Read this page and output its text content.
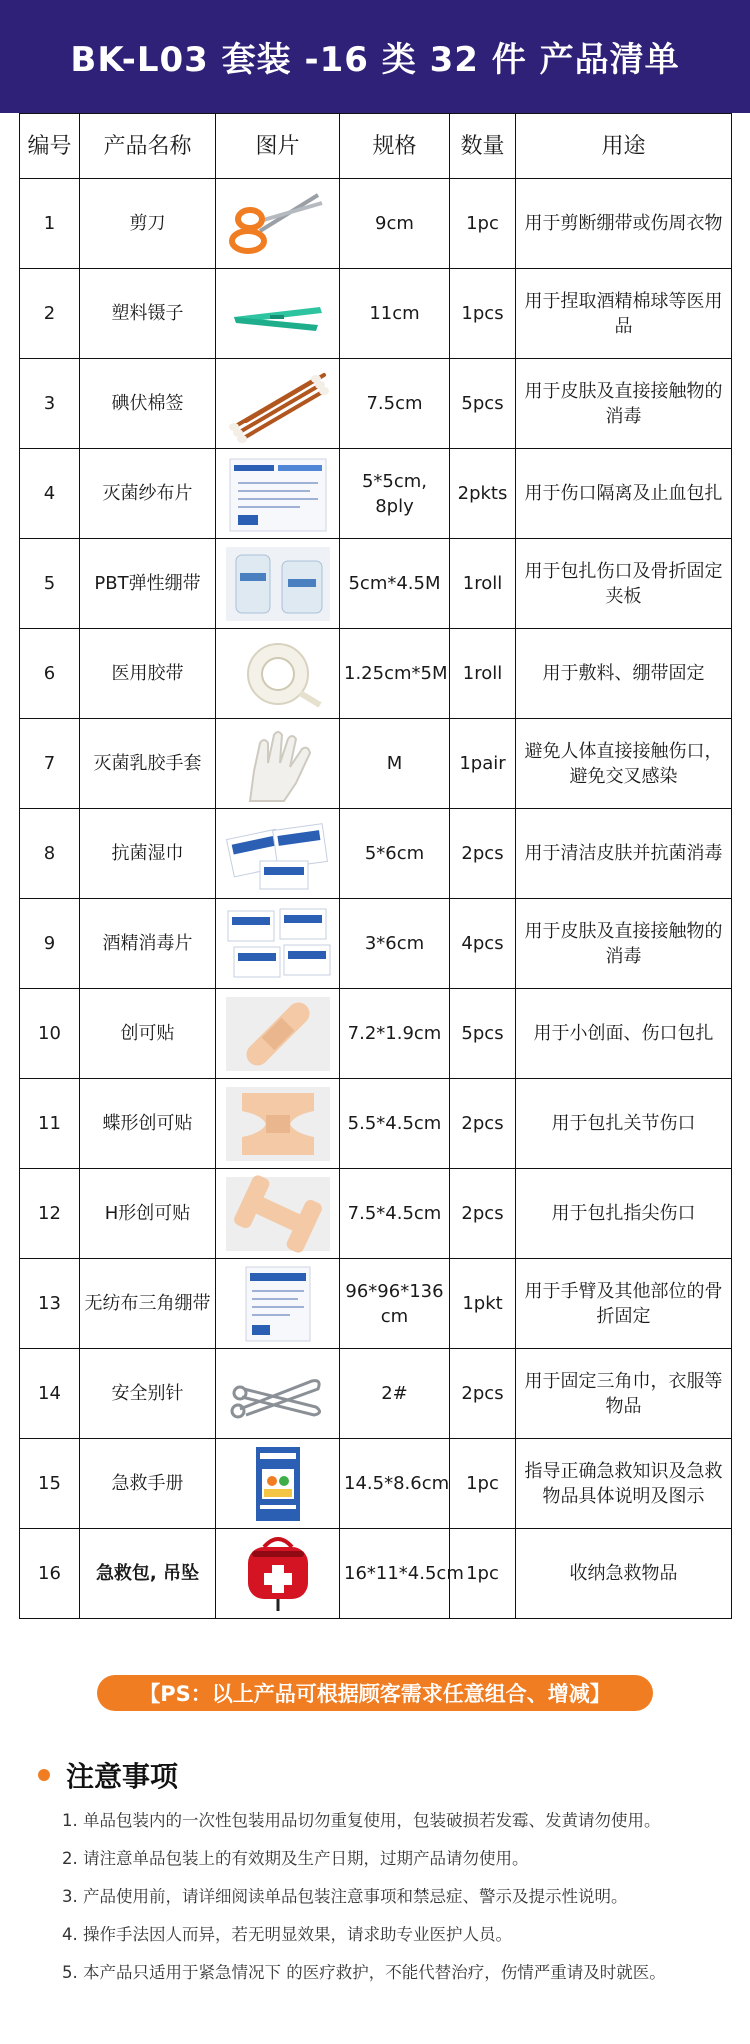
BK-L03 套装 -16 类 32 件 产品清单
编号	产品名称	图片	规格	数量	用途
1	剪刀		9cm	1pc	用于剪断绷带或伤周衣物
2	塑料镊子		11cm	1pcs	用于捏取酒精棉球等医用品
3	碘伏棉签		7.5cm	5pcs	用于皮肤及直接接触物的消毒
4	灭菌纱布片		5*5cm, 8ply	2pkts	用于伤口隔离及止血包扎
5	PBT弹性绷带		5cm*4.5M	1roll	用于包扎伤口及骨折固定夹板
6	医用胶带		1.25cm*5M	1roll	用于敷料、绷带固定
7	灭菌乳胶手套		M	1pair	避免人体直接接触伤口，避免交叉感染
8	抗菌湿巾		5*6cm	2pcs	用于清洁皮肤并抗菌消毒
9	酒精消毒片		3*6cm	4pcs	用于皮肤及直接接触物的消毒
10	创可贴		7.2*1.9cm	5pcs	用于小创面、伤口包扎
11	蝶形创可贴		5.5*4.5cm	2pcs	用于包扎关节伤口
12	H形创可贴		7.5*4.5cm	2pcs	用于包扎指尖伤口
13	无纺布三角绷带		96*96*136 cm	1pkt	用于手臂及其他部位的骨折固定
14	安全别针		2#	2pcs	用于固定三角巾，衣服等物品
15	急救手册		14.5*8.6cm	1pc	指导正确急救知识及急救物品具体说明及图示
16	急救包, 吊坠		16*11*4.5cm	1pc	收纳急救物品
【PS：以上产品可根据顾客需求任意组合、增减】
注意事项
1. 单品包装内的一次性包装用品切勿重复使用，包装破损若发霉、发黄请勿使用。
2. 请注意单品包装上的有效期及生产日期，过期产品请勿使用。
3. 产品使用前，请详细阅读单品包装注意事项和禁忌症、警示及提示性说明。
4. 操作手法因人而异，若无明显效果，请求助专业医护人员。
5. 本产品只适用于紧急情况下 的医疗救护，不能代替治疗，伤情严重请及时就医。
